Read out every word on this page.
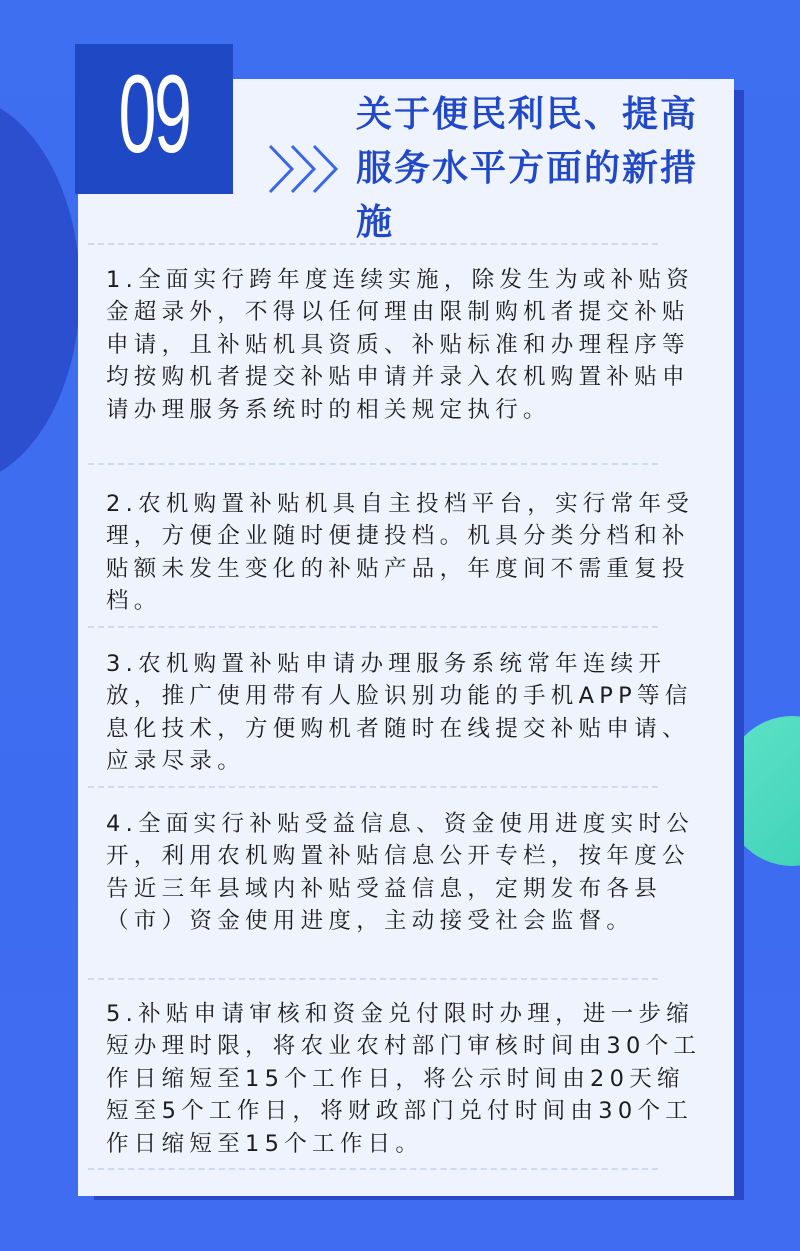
09	关于便民利民、提高服务水平方面的新措施

1.全面实行跨年度连续实施，除发生为或补贴资金超录外，不得以任何理由限制购机者提交补贴申请，且补贴机具资质、补贴标准和办理程序等均按购机者提交补贴申请并录入农机购置补贴申请办理服务系统时的相关规定执行。

2.农机购置补贴机具自主投档平台，实行常年受理，方便企业随时便捷投档。机具分类分档和补贴额未发生变化的补贴产品，年度间不需重复投档。

3.农机购置补贴申请办理服务系统常年连续开放，推广使用带有人脸识别功能的手机APP等信息化技术，方便购机者随时在线提交补贴申请、应录尽录。

4.全面实行补贴受益信息、资金使用进度实时公开，利用农机购置补贴信息公开专栏，按年度公告近三年县域内补贴受益信息，定期发布各县（市）资金使用进度，主动接受社会监督。

5.补贴申请审核和资金兑付限时办理，进一步缩短办理时限，将农业农村部门审核时间由30个工作日缩短至15个工作日，将公示时间由20天缩短至5个工作日，将财政部门兑付时间由30个工作日缩短至15个工作日。
